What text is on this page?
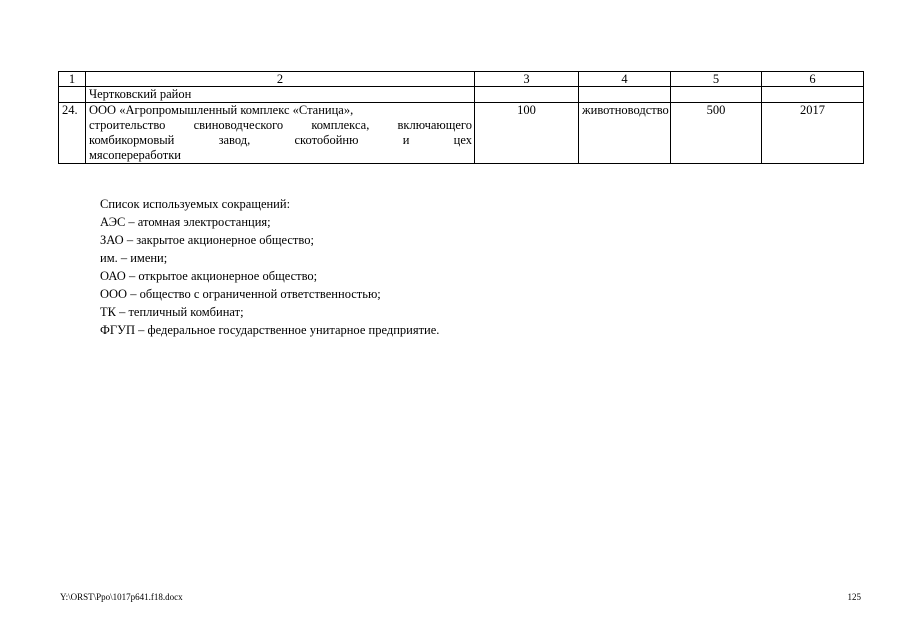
1	2	3	4	5	6
	Чертковский район				
24.	ООО «Агропромышленный комплекс «Станица»,
строительство свиноводческого комплекса, включающего
комбикормовый завод, скотобойню и цех
мясопереработки	100	животноводство	500	2017
Список используемых сокращений:
АЭС – атомная электростанция;
ЗАО – закрытое акционерное общество;
им. – имени;
ОАО – открытое акционерное общество;
ООО – общество с ограниченной ответственностью;
ТК – тепличный комбинат;
ФГУП – федеральное государственное унитарное предприятие.
Y:\ORST\Ppo\1017p641.f18.docx	125
